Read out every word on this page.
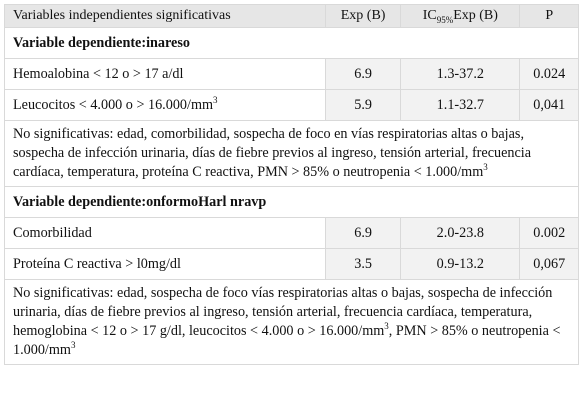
Variables independientes significativas	Exp (B)	$IC_{95\%}Exp$ (B)	P
Variable dependiente:inareso			
Hemoalobina < 12 o > 17 a/dl	6.9	1.3-37.2	0.024
Leucocitos < 4.000 $o > 16.000/mm^3$	5.9	1.1-32.7	0,041
No significativas: edad, comorbilidad, sospecha de foco en vías respiratorias altas o bajas, sospecha de infección urinaria, días de fiebre previos al ingreso, tensión arterial, frecuencia cardíaca, temperatura, proteína C reactiva, PMN > 85% o neutropenia < $1.000/mm^3$
Variable dependiente:onformoHarl nravp			
Comorbilidad	6.9	2.0-23.8	0.002
Proteína C reactiva > l0mg/dl	3.5	0.9-13.2	0,067
No significativas: edad, sospecha de foco vías respiratorias altas o bajas, sospecha de infección urinaria, días de fiebre previos al ingreso, tensión arterial, frecuencia cardíaca, temperatura, hemoglobina < 12 o > 17 g/dl, leucocitos < 4.000 $o > 16.000/mm^3$, PMN > 85% o neutropenia < $1.000/mm^3$
